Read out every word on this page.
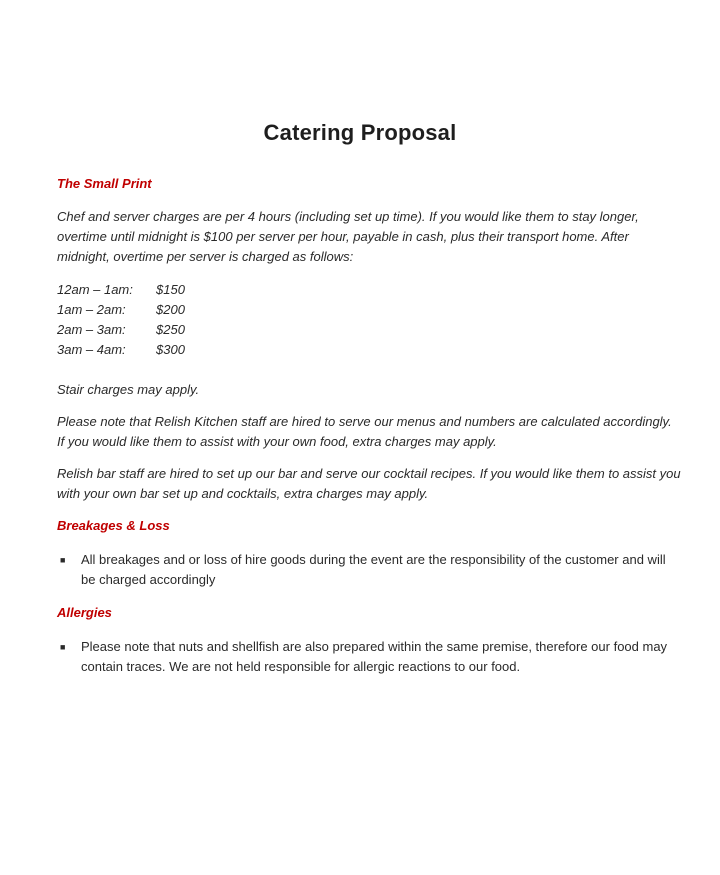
Catering Proposal

The Small Print

Chef and server charges are per 4 hours (including set up time). If you would like them to stay longer, overtime until midnight is $100 per server per hour, payable in cash, plus their transport home. After midnight, overtime per server is charged as follows:

12am – 1am:	$150
1am – 2am:	$200
2am – 3am:	$250
3am – 4am:	$300

Stair charges may apply.

Please note that Relish Kitchen staff are hired to serve our menus and numbers are calculated accordingly. If you would like them to assist with your own food, extra charges may apply.

Relish bar staff are hired to set up our bar and serve our cocktail recipes. If you would like them to assist you with your own bar set up and cocktails, extra charges may apply.

Breakages & Loss

■	All breakages and or loss of hire goods during the event are the responsibility of the customer and will be charged accordingly

Allergies

■	Please note that nuts and shellfish are also prepared within the same premise, therefore our food may contain traces. We are not held responsible for allergic reactions to our food.
